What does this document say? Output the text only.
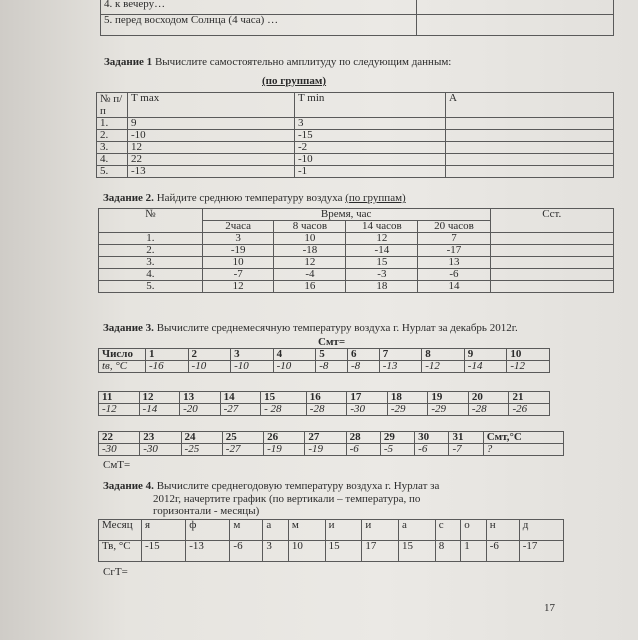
4. к вечеру…	
5. перед восходом Солнца (4 часа) …	
Задание 1 Вычислите самостоятельно амплитуду по следующим данным:
(по группам)
№ п/п	T max	T min	A
1.	9	3	
2.	-10	-15	
3.	12	-2	
4.	22	-10	
5.	-13	-1	
Задание 2. Найдите среднюю температуру воздуха (по группам)
№	Время, час				Ccт.
	2часа	8 часов	14 часов	20 часов	
1.	3	10	12	7	
2.	-19	-18	-14	-17	
3.	10	12	15	13	
4.	-7	-4	-3	-6	
5.	12	16	18	14	
Задание 3. Вычислите среднемесячную температуру воздуха г. Нурлат за декабрь 2012г.
Смт=
Число	1	2	3	4	5	6	7	8	9	10
tв, °С	-16	-10	-10	-10	-8	-8	-13	-12	-14	-12
11	12	13	14	15	16	17	18	19	20	21
-12	-14	-20	-27	- 28	-28	-30	-29	-29	-28	-26
22	23	24	25	26	27	28	29	30	31	Смт,°С
-30	-30	-25	-27	-19	-19	-6	-5	-6	-7	?
СмТ=
Задание 4. Вычислите среднегодовую температуру воздуха г. Нурлат за
2012г, начертите график (по вертикали – температура, по
горизонтали - месяцы)
Месяц	я	ф	м	а	м	и	и	а	с	о	н	д
Тв, °С	-15	-13	-6	3	10	15	17	15	8	1	-6	-17
СгТ=
17
